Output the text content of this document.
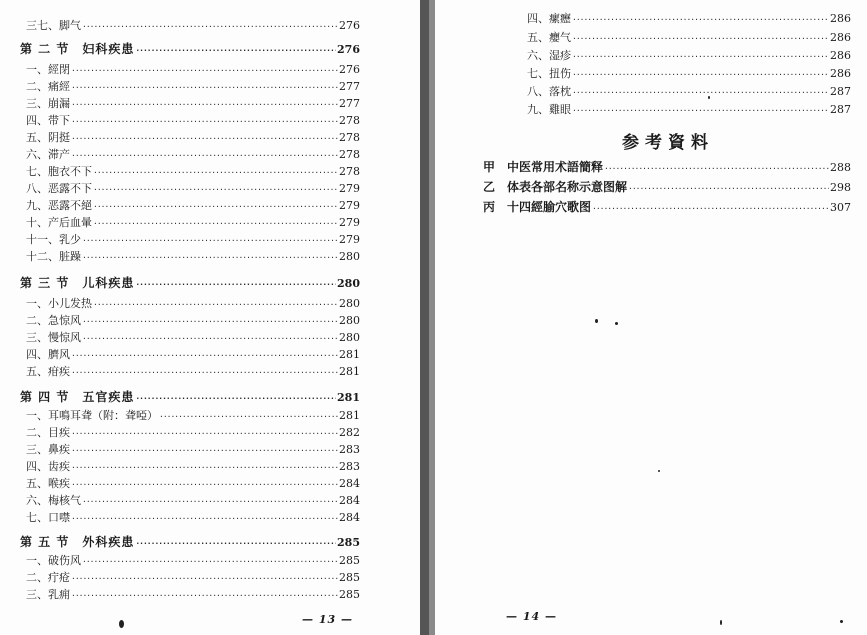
三七、脚气 ·····	276
第 二 节　妇科疾患 ·····	276
一、經閉 ·····	276
二、痛經 ·····	277
三、崩漏 ·····	277
四、带下 ·····	278
五、阴挺 ·····	278
六、滞产 ·····	278
七、胞衣不下 ·····	278
八、恶露不下 ·····	279
九、恶露不絕 ·····	279
十、产后血暈 ·····	279
十一、乳少 ·····	279
十二、脏躁 ·····	280
第 三 节　儿科疾患 ·····	280
一、小儿发热 ·····	280
二、急惊风 ·····	280
三、慢惊风 ·····	280
四、臍风 ·····	281
五、疳疾 ·····	281
第 四 节　五官疾患 ·····	281
一、耳鳴耳聋（附：聋啞） ·····	281
二、目疾 ·····	282
三、鼻疾 ·····	283
四、齿疾 ·····	283
五、喉疾 ·····	284
六、梅核气 ·····	284
七、口噤 ·····	284
第 五 节　外科疾患 ·····	285
一、破伤风 ·····	285
二、疔疮 ·····	285
三、乳痈 ·····	285
四、瘰癧 ·····	286
五、癭气 ·····	286
六、湿疹 ·····	286
七、扭伤 ·····	286
八、落枕 ·····	287
九、雞眼 ·····	287
参考資料
甲　中医常用术語簡释 ·····	288
乙　体表各部名称示意图解 ·····	298
丙　十四經腧穴歌图 ·····	307
— 13 —	— 14 —
